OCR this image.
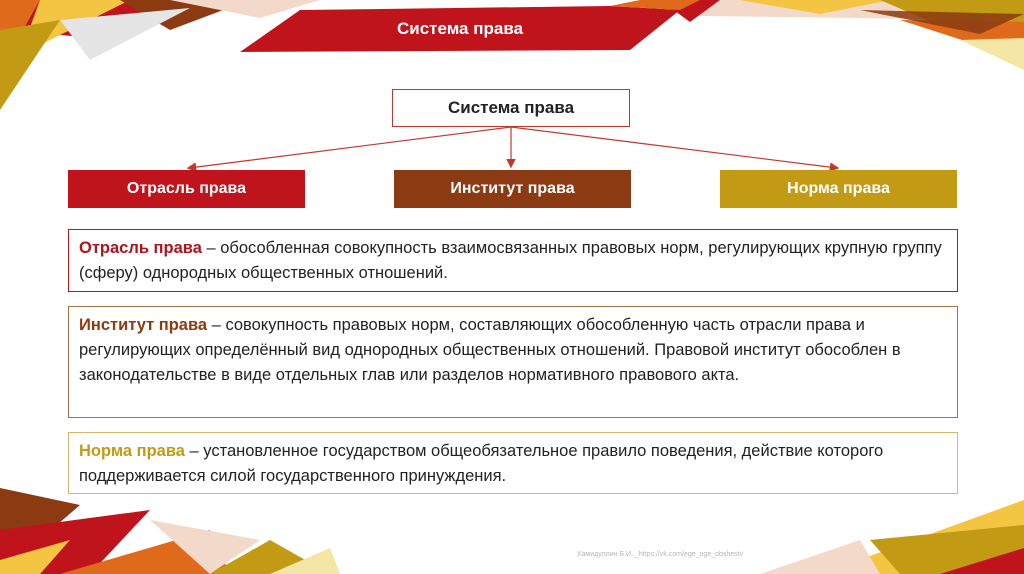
Система права
Система права
Отрасль права	Институт права	Норма права
Отрасль права – обособленная совокупность взаимосвязанных правовых норм, регулирующих крупную группу (сферу) однородных общественных отношений.
Институт права – совокупность правовых норм, составляющих обособленную часть отрасли права и регулирующих определённый вид однородных общественных отношений. Правовой институт обособлен в законодательстве в виде отдельных глав или разделов нормативного правового акта.
Норма права – установленное государством общеобязательное правило поведения, действие которого поддерживается силой государственного принуждения.
Хамидуллин Б.И.,_https://vk.com/ege_oge_obshestv
